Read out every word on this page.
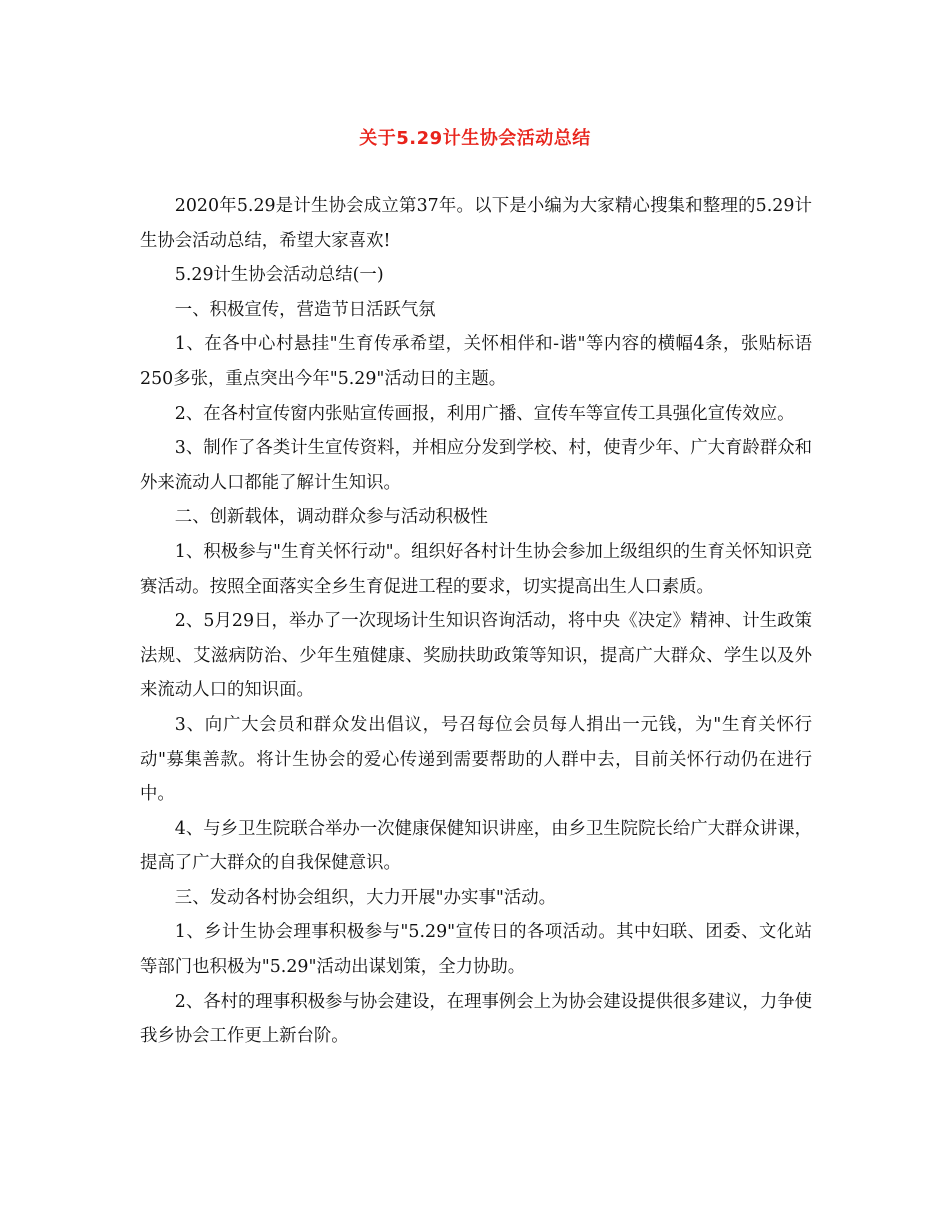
关于5.29计生协会活动总结

2020年5.29是计生协会成立第37年。以下是小编为大家精心搜集和整理的5.29计生协会活动总结，希望大家喜欢!

5.29计生协会活动总结(一)

一、积极宣传，营造节日活跃气氛

1、在各中心村悬挂"生育传承希望，关怀相伴和-谐"等内容的横幅4条，张贴标语250多张，重点突出今年"5.29"活动日的主题。

2、在各村宣传窗内张贴宣传画报，利用广播、宣传车等宣传工具强化宣传效应。

3、制作了各类计生宣传资料，并相应分发到学校、村，使青少年、广大育龄群众和外来流动人口都能了解计生知识。

二、创新载体，调动群众参与活动积极性

1、积极参与"生育关怀行动"。组织好各村计生协会参加上级组织的生育关怀知识竞赛活动。按照全面落实全乡生育促进工程的要求，切实提高出生人口素质。

2、5月29日，举办了一次现场计生知识咨询活动，将中央《决定》精神、计生政策法规、艾滋病防治、少年生殖健康、奖励扶助政策等知识，提高广大群众、学生以及外来流动人口的知识面。

3、向广大会员和群众发出倡议，号召每位会员每人捐出一元钱，为"生育关怀行动"募集善款。将计生协会的爱心传递到需要帮助的人群中去，目前关怀行动仍在进行中。

4、与乡卫生院联合举办一次健康保健知识讲座，由乡卫生院院长给广大群众讲课，提高了广大群众的自我保健意识。

三、发动各村协会组织，大力开展"办实事"活动。

1、乡计生协会理事积极参与"5.29"宣传日的各项活动。其中妇联、团委、文化站等部门也积极为"5.29"活动出谋划策，全力协助。

2、各村的理事积极参与协会建设，在理事例会上为协会建设提供很多建议，力争使我乡协会工作更上新台阶。
